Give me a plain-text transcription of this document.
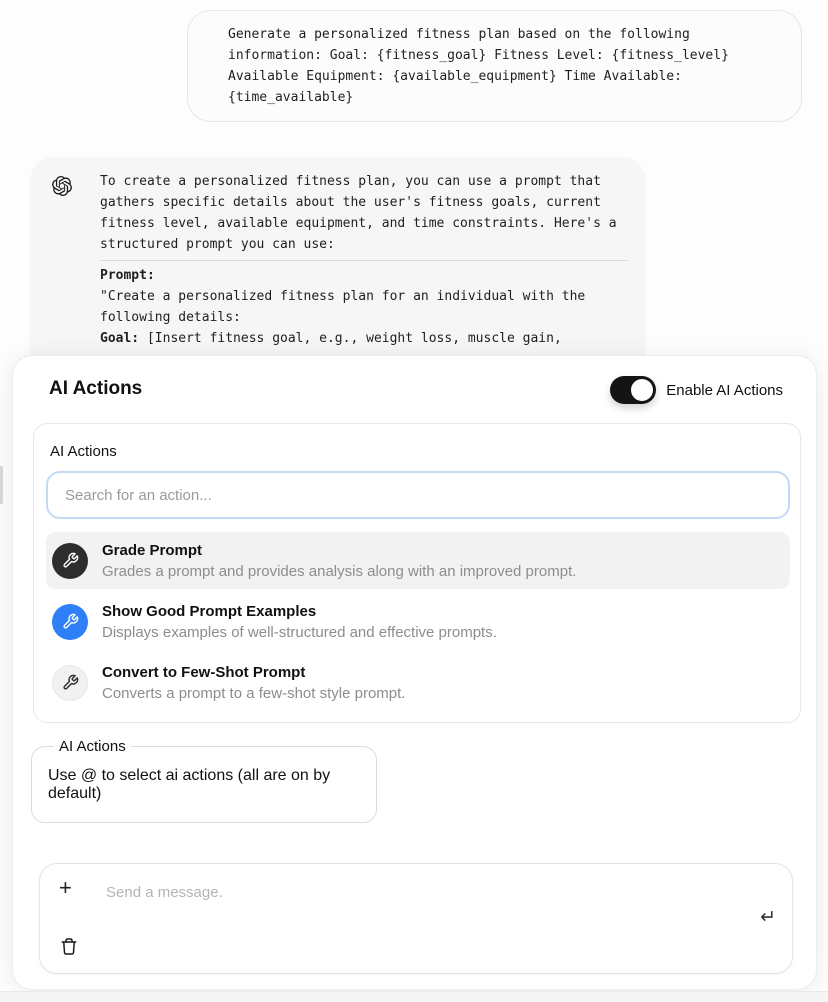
Generate a personalized fitness plan based on the following information: Goal: {fitness_goal} Fitness Level: {fitness_level} Available Equipment: {available_equipment} Time Available: {time_available}

To create a personalized fitness plan, you can use a prompt that gathers specific details about the user's fitness goals, current fitness level, available equipment, and time constraints. Here's a structured prompt you can use:

Prompt:

"Create a personalized fitness plan for an individual with the following details:

Goal: [Insert fitness goal, e.g., weight loss, muscle gain,

AI Actions	Enable AI Actions
AI Actions
Search for an action...
Grade Prompt
Grades a prompt and provides analysis along with an improved prompt.
Show Good Prompt Examples
Displays examples of well-structured and effective prompts.
Convert to Few-Shot Prompt
Converts a prompt to a few-shot style prompt.
AI Actions
Use @ to select ai actions (all are on by default)
+
Send a message.
↵
